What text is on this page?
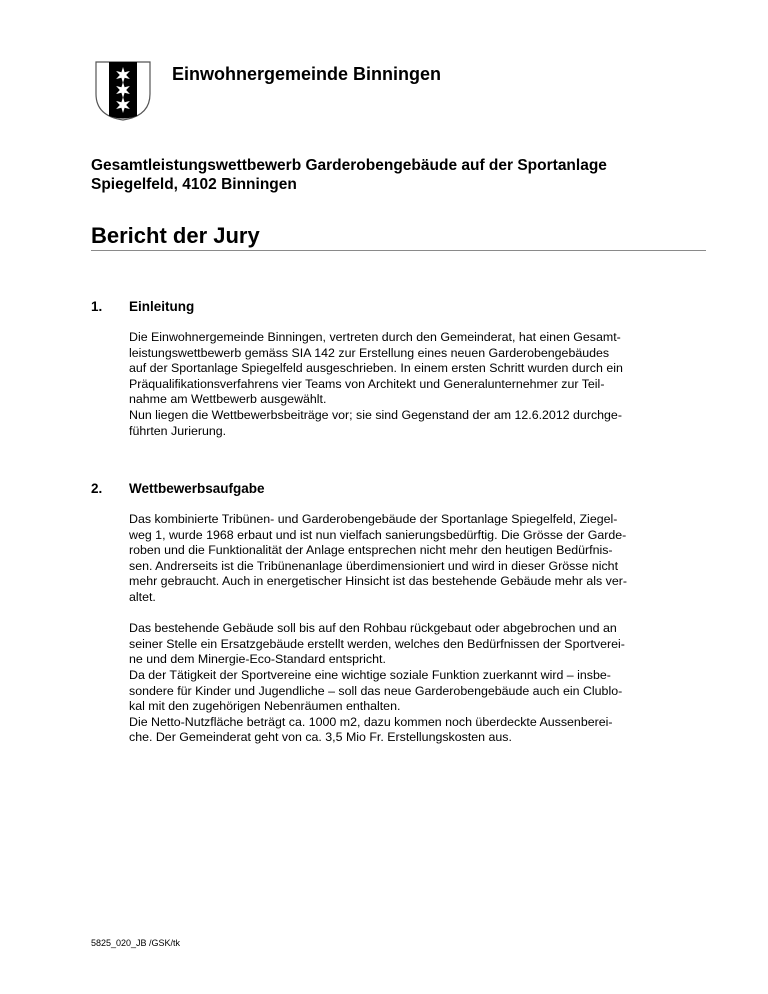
Einwohnergemeinde Binningen
Gesamtleistungswettbewerb Garderobengebäude auf der Sportanlage
Spiegelfeld, 4102 Binningen
Bericht der Jury
1. Einleitung
Die Einwohnergemeinde Binningen, vertreten durch den Gemeinderat, hat einen Gesamt-
leistungswettbewerb gemäss SIA 142 zur Erstellung eines neuen Garderobengebäudes
auf der Sportanlage Spiegelfeld ausgeschrieben. In einem ersten Schritt wurden durch ein
Präqualifikationsverfahrens vier Teams von Architekt und Generalunternehmer zur Teil-
nahme am Wettbewerb ausgewählt.
Nun liegen die Wettbewerbsbeiträge vor; sie sind Gegenstand der am 12.6.2012 durchge-
führten Jurierung.
2. Wettbewerbsaufgabe
Das kombinierte Tribünen- und Garderobengebäude der Sportanlage Spiegelfeld, Ziegel-
weg 1, wurde 1968 erbaut und ist nun vielfach sanierungsbedürftig. Die Grösse der Garde-
roben und die Funktionalität der Anlage entsprechen nicht mehr den heutigen Bedürfnis-
sen. Andrerseits ist die Tribünenanlage überdimensioniert und wird in dieser Grösse nicht
mehr gebraucht. Auch in energetischer Hinsicht ist das bestehende Gebäude mehr als ver-
altet.
Das bestehende Gebäude soll bis auf den Rohbau rückgebaut oder abgebrochen und an
seiner Stelle ein Ersatzgebäude erstellt werden, welches den Bedürfnissen der Sportverei-
ne und dem Minergie-Eco-Standard entspricht.
Da der Tätigkeit der Sportvereine eine wichtige soziale Funktion zuerkannt wird – insbe-
sondere für Kinder und Jugendliche – soll das neue Garderobengebäude auch ein Clublo-
kal mit den zugehörigen Nebenräumen enthalten.
Die Netto-Nutzfläche beträgt ca. 1000 m2, dazu kommen noch überdeckte Aussenberei-
che. Der Gemeinderat geht von ca. 3,5 Mio Fr. Erstellungskosten aus.
5825_020_JB /GSK/tk
